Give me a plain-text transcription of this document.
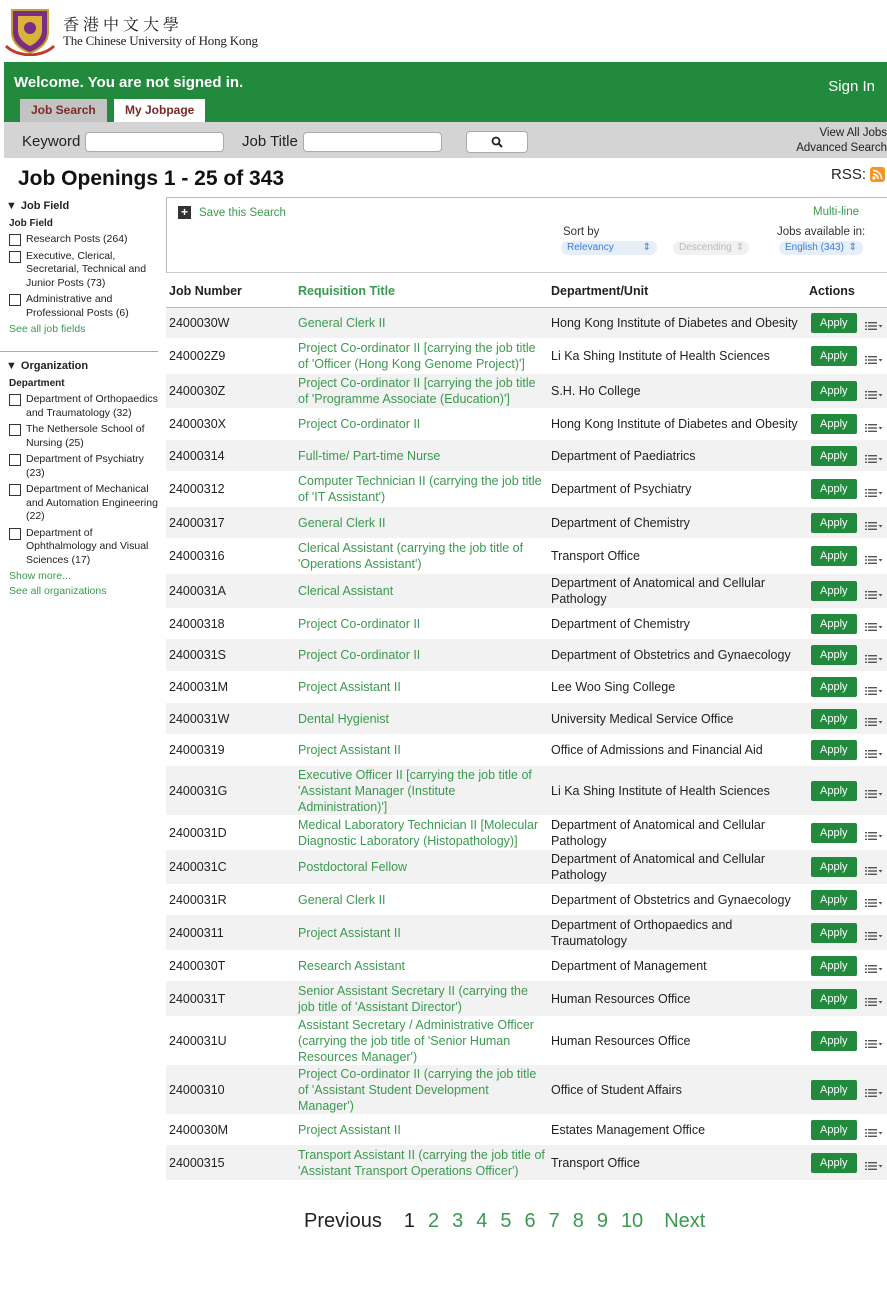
香港中文大學
The Chinese University of Hong Kong
Welcome. You are not signed in.	Sign In
Job Search	My Jobpage
Keyword	Job Title	View All Jobs
Advanced Search
Job Openings 1 - 25 of 343	RSS:
▼ Job Field
Job Field
Research Posts (264)
Executive, Clerical, Secretarial, Technical and Junior Posts (73)
Administrative and Professional Posts (6)
See all job fields
▼ Organization
Department
Department of Orthopaedics and Traumatology (32)
The Nethersole School of Nursing (25)
Department of Psychiatry (23)
Department of Mechanical and Automation Engineering (22)
Department of Ophthalmology and Visual Sciences (17)
Show more...
See all organizations
+ Save this Search	Multi-line
Sort by	Jobs available in:
Relevancy	⇕	Descending ⇕	English (343) ⇕
Job Number	Requisition Title	Department/Unit	Actions
2400030W	General Clerk II	Hong Kong Institute of Diabetes and Obesity	Apply
240002Z9	Project Co-ordinator II [carrying the job title of 'Officer (Hong Kong Genome Project)']	Li Ka Shing Institute of Health Sciences	Apply
2400030Z	Project Co-ordinator II [carrying the job title of 'Programme Associate (Education)']	S.H. Ho College	Apply
2400030X	Project Co-ordinator II	Hong Kong Institute of Diabetes and Obesity	Apply
24000314	Full-time/ Part-time Nurse	Department of Paediatrics	Apply
24000312	Computer Technician II (carrying the job title of 'IT Assistant')	Department of Psychiatry	Apply
24000317	General Clerk II	Department of Chemistry	Apply
24000316	Clerical Assistant (carrying the job title of 'Operations Assistant')	Transport Office	Apply
2400031A	Clerical Assistant	Department of Anatomical and Cellular Pathology	Apply
24000318	Project Co-ordinator II	Department of Chemistry	Apply
2400031S	Project Co-ordinator II	Department of Obstetrics and Gynaecology	Apply
2400031M	Project Assistant II	Lee Woo Sing College	Apply
2400031W	Dental Hygienist	University Medical Service Office	Apply
24000319	Project Assistant II	Office of Admissions and Financial Aid	Apply
2400031G	Executive Officer II [carrying the job title of 'Assistant Manager (Institute Administration)']	Li Ka Shing Institute of Health Sciences	Apply
2400031D	Medical Laboratory Technician II [Molecular Diagnostic Laboratory (Histopathology)]	Department of Anatomical and Cellular Pathology	Apply
2400031C	Postdoctoral Fellow	Department of Anatomical and Cellular Pathology	Apply
2400031R	General Clerk II	Department of Obstetrics and Gynaecology	Apply
24000311	Project Assistant II	Department of Orthopaedics and Traumatology	Apply
2400030T	Research Assistant	Department of Management	Apply
2400031T	Senior Assistant Secretary II (carrying the job title of 'Assistant Director')	Human Resources Office	Apply
2400031U	Assistant Secretary / Administrative Officer (carrying the job title of 'Senior Human Resources Manager')	Human Resources Office	Apply
24000310	Project Co-ordinator II (carrying the job title of 'Assistant Student Development Manager')	Office of Student Affairs	Apply
2400030M	Project Assistant II	Estates Management Office	Apply
24000315	Transport Assistant II (carrying the job title of 'Assistant Transport Operations Officer')	Transport Office	Apply
Previous 1 2 3 4 5 6 7 8 9 10 Next
